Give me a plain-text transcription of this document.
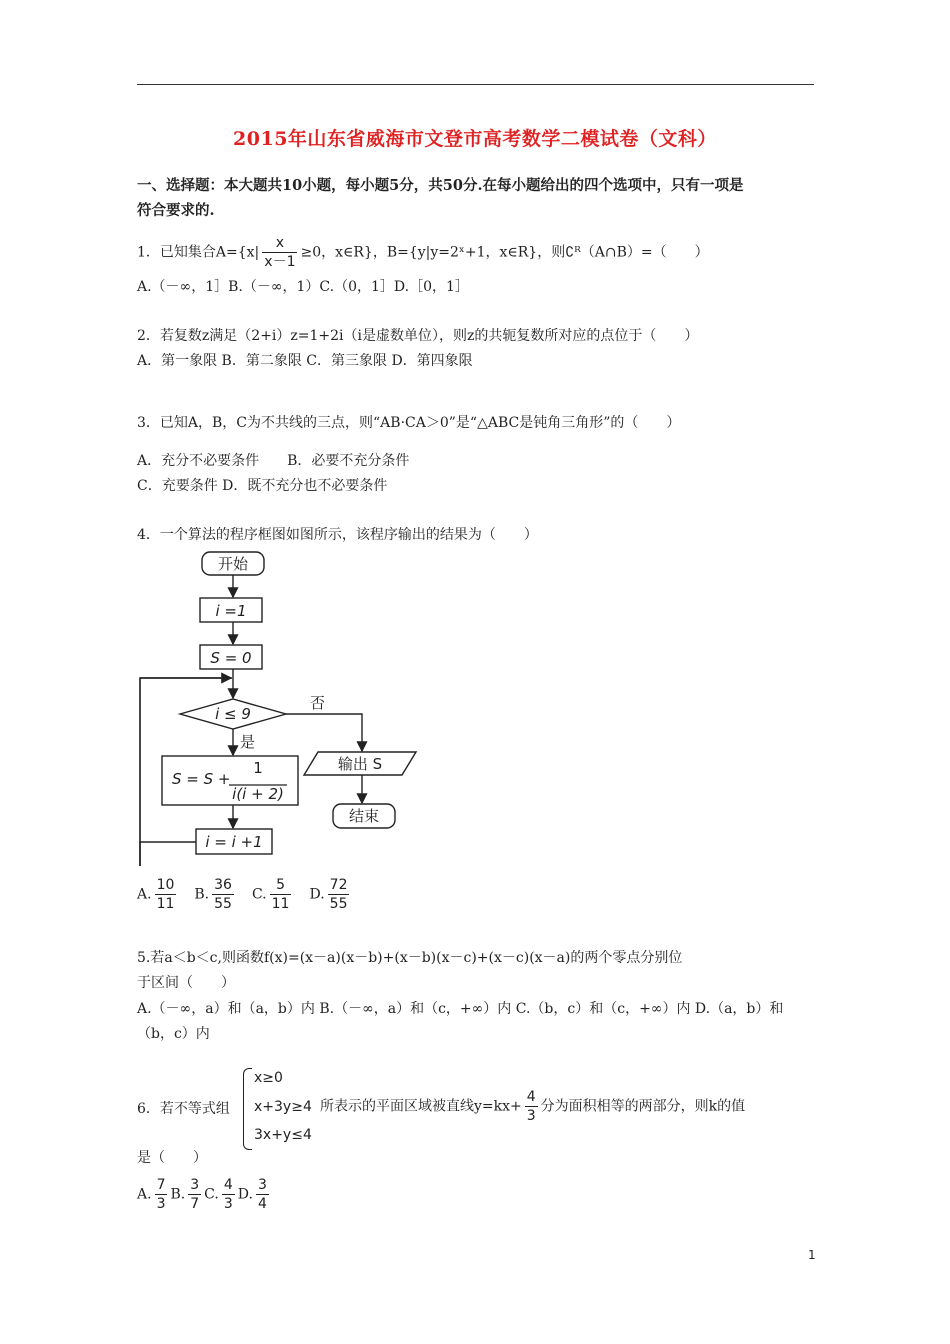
2015年山东省威海市文登市高考数学二模试卷（文科）
一、选择题：本大题共10小题，每小题5分，共50分.在每小题给出的四个选项中，只有一项是
符合要求的.
1．已知集合$A=\{x| \frac{x}{x-1} \ge 0$，x∈R}，B={y|y=2ˣ+1，x∈R}，则∁ᴿ（A∩B）=（　　）
A.（－∞，1］B.（－∞，1）C.（0，1］D.［0，1］
2．若复数z满足（2+i）z=1+2i（i是虚数单位），则z的共轭复数所对应的点位于（　　）
A．第一象限 B．第二象限 C．第三象限 D．第四象限
3．已知A，B，C为不共线的三点，则“AB·CA＞0”是“△ABC是钝角三角形”的（　　）
A．充分不必要条件 B．必要不充分条件
C．充要条件 D．既不充分也不必要条件
4．一个算法的程序框图如图所示，该程序输出的结果为（　　）
开始
i =1
S = 0
i ≤ 9
否
是
S = S +
1
i(i + 2)
输出 S
i = i +1
结束
A. $\frac{10}{11} B$. $\frac{36}{55} C$. $\frac{5}{11} D$. $\frac{72}{55}$
5.若a＜b＜c,则函数f(x)=(x－a)(x－b)+(x－b)(x－c)+(x－c)(x－a)的两个零点分别位
于区间（　　）
A.（－∞，a）和（a，b）内 B.（－∞，a）和（c，+∞）内 C.（b，c）和（c，+∞）内 D.（a，b）和
（b，c）内
x≥0
x+3y≥4
3x+y≤4
6．若不等式组	所表示的平面区域被直线$y=kx+ \frac{4}{3}$ 分为面积相等的两部分，则k的值
是（　　）
A. $\frac{7}{3} B$. $\frac{3}{7} C$. $\frac{4}{3} D$. $\frac{3}{4}$
1
